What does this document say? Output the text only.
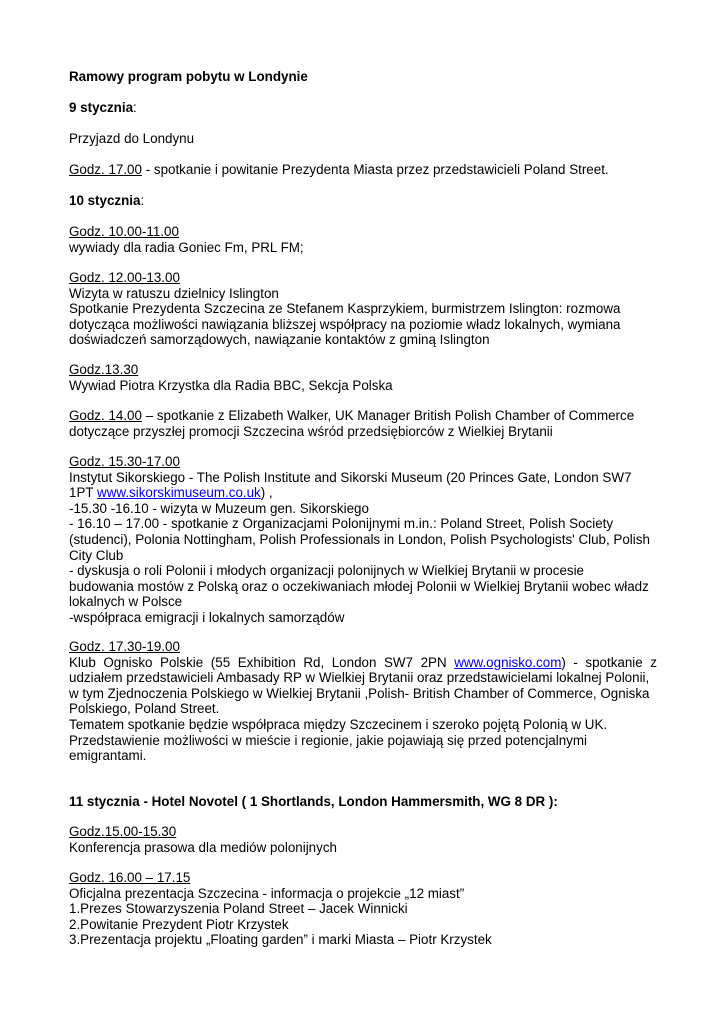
Ramowy program pobytu w Londynie
9 stycznia:
Przyjazd do Londynu
Godz. 17.00 - spotkanie i powitanie Prezydenta Miasta przez przedstawicieli Poland Street.
10 stycznia:
Godz. 10.00-11.00
wywiady dla radia Goniec Fm, PRL FM;
Godz. 12.00-13.00
Wizyta w ratuszu dzielnicy Islington
Spotkanie Prezydenta Szczecina ze Stefanem Kasprzykiem, burmistrzem Islington: rozmowa
dotycząca możliwości nawiązania bliższej współpracy na poziomie władz lokalnych, wymiana
doświadczeń samorządowych, nawiązanie kontaktów z gminą Islington
Godz.13.30
Wywiad Piotra Krzystka dla Radia BBC, Sekcja Polska
Godz. 14.00 – spotkanie z Elizabeth Walker, UK Manager British Polish Chamber of Commerce
dotyczące przyszłej promocji Szczecina wśród przedsiębiorców z Wielkiej Brytanii
Godz. 15.30-17.00
Instytut Sikorskiego - The Polish Institute and Sikorski Museum (20 Princes Gate, London SW7
1PT www.sikorskimuseum.co.uk) ,
-15.30 -16.10 - wizyta w Muzeum gen. Sikorskiego
- 16.10 – 17.00 - spotkanie z Organizacjami Polonijnymi m.in.: Poland Street, Polish Society
(studenci), Polonia Nottingham, Polish Professionals in London, Polish Psychologists' Club, Polish
City Club
- dyskusja o roli Polonii i młodych organizacji polonijnych w Wielkiej Brytanii w procesie
budowania mostów z Polską oraz o oczekiwaniach młodej Polonii w Wielkiej Brytanii wobec władz
lokalnych w Polsce
-współpraca emigracji i lokalnych samorządów
Godz. 17.30-19.00
Klub Ognisko Polskie (55 Exhibition Rd, London SW7 2PN www.ognisko.com) - spotkanie z
udziałem przedstawicieli Ambasady RP w Wielkiej Brytanii oraz przedstawicielami lokalnej Polonii,
w tym Zjednoczenia Polskiego w Wielkiej Brytanii ,Polish- British Chamber of Commerce, Ogniska
Polskiego, Poland Street.
Tematem spotkanie będzie współpraca między Szczecinem i szeroko pojętą Polonią w UK.
Przedstawienie możliwości w mieście i regionie, jakie pojawiają się przed potencjalnymi
emigrantami.
11 stycznia - Hotel Novotel ( 1 Shortlands, London Hammersmith, WG 8 DR ):
Godz.15.00-15.30
Konferencja prasowa dla mediów polonijnych
Godz. 16.00 – 17.15
Oficjalna prezentacja Szczecina - informacja o projekcie „12 miast”
1.Prezes Stowarzyszenia Poland Street – Jacek Winnicki
2.Powitanie Prezydent Piotr Krzystek
3.Prezentacja projektu „Floating garden” i marki Miasta – Piotr Krzystek
